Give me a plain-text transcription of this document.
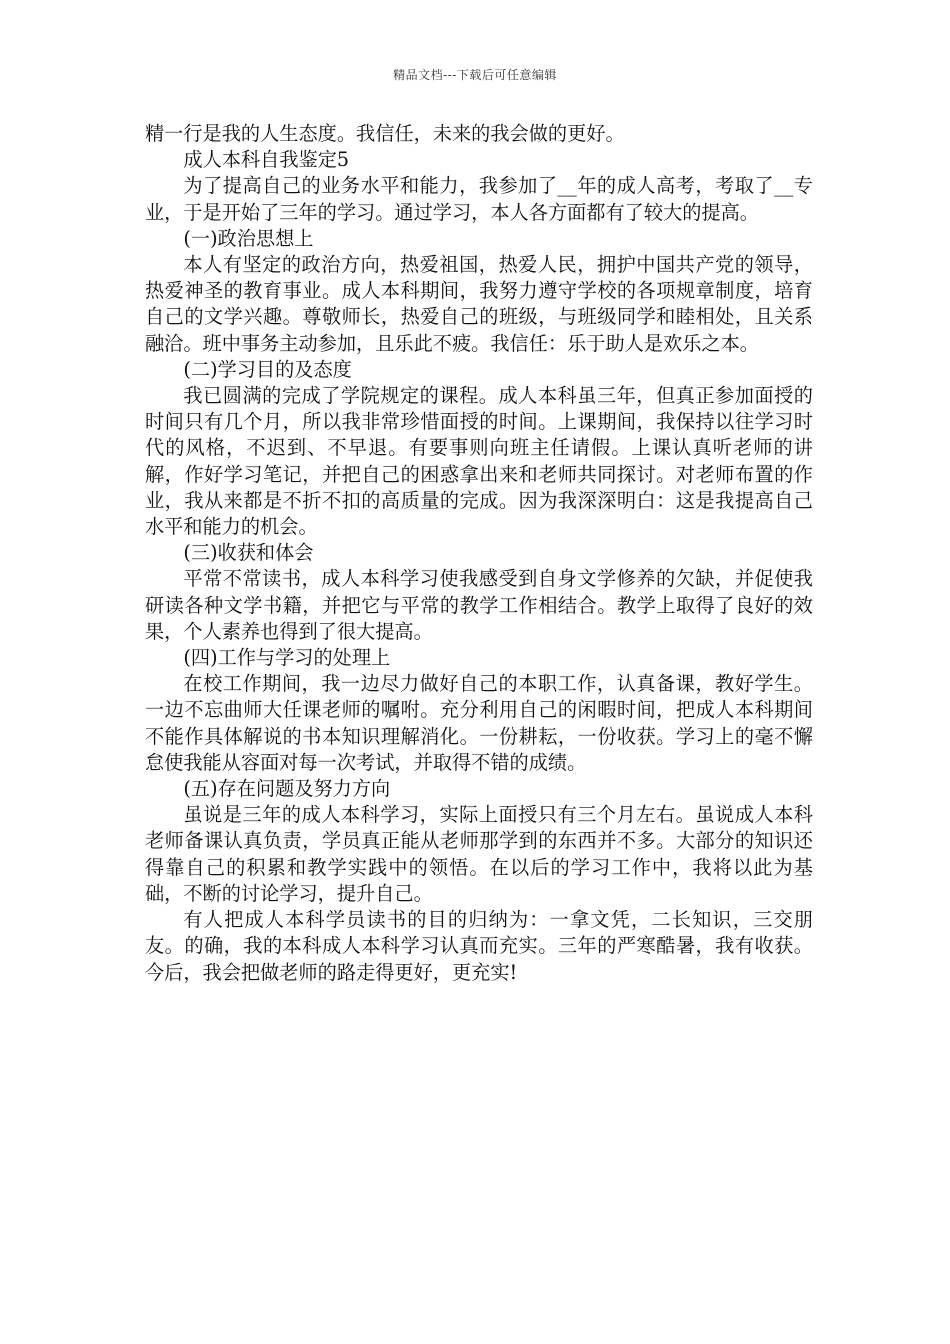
精品文档---下载后可任意编辑

精一行是我的人生态度。我信任，未来的我会做的更好。

成人本科自我鉴定5

为了提高自己的业务水平和能力，我参加了__年的成人高考，考取了__专业，于是开始了三年的学习。通过学习，本人各方面都有了较大的提高。

(一)政治思想上

本人有坚定的政治方向，热爱祖国，热爱人民，拥护中国共产党的领导，热爱神圣的教育事业。成人本科期间，我努力遵守学校的各项规章制度，培育自己的文学兴趣。尊敬师长，热爱自己的班级，与班级同学和睦相处，且关系融洽。班中事务主动参加，且乐此不疲。我信任：乐于助人是欢乐之本。

(二)学习目的及态度

我已圆满的完成了学院规定的课程。成人本科虽三年，但真正参加面授的时间只有几个月，所以我非常珍惜面授的时间。上课期间，我保持以往学习时代的风格，不迟到、不早退。有要事则向班主任请假。上课认真听老师的讲解，作好学习笔记，并把自己的困惑拿出来和老师共同探讨。对老师布置的作业，我从来都是不折不扣的高质量的完成。因为我深深明白：这是我提高自己水平和能力的机会。

(三)收获和体会

平常不常读书，成人本科学习使我感受到自身文学修养的欠缺，并促使我研读各种文学书籍，并把它与平常的教学工作相结合。教学上取得了良好的效果，个人素养也得到了很大提高。

(四)工作与学习的处理上

在校工作期间，我一边尽力做好自己的本职工作，认真备课，教好学生。一边不忘曲师大任课老师的嘱咐。充分利用自己的闲暇时间，把成人本科期间不能作具体解说的书本知识理解消化。一份耕耘，一份收获。学习上的毫不懈怠使我能从容面对每一次考试，并取得不错的成绩。

(五)存在问题及努力方向

虽说是三年的成人本科学习，实际上面授只有三个月左右。虽说成人本科老师备课认真负责，学员真正能从老师那学到的东西并不多。大部分的知识还得靠自己的积累和教学实践中的领悟。在以后的学习工作中，我将以此为基础，不断的讨论学习，提升自己。

有人把成人本科学员读书的目的归纳为：一拿文凭，二长知识，三交朋友。的确，我的本科成人本科学习认真而充实。三年的严寒酷暑，我有收获。今后，我会把做老师的路走得更好，更充实!
